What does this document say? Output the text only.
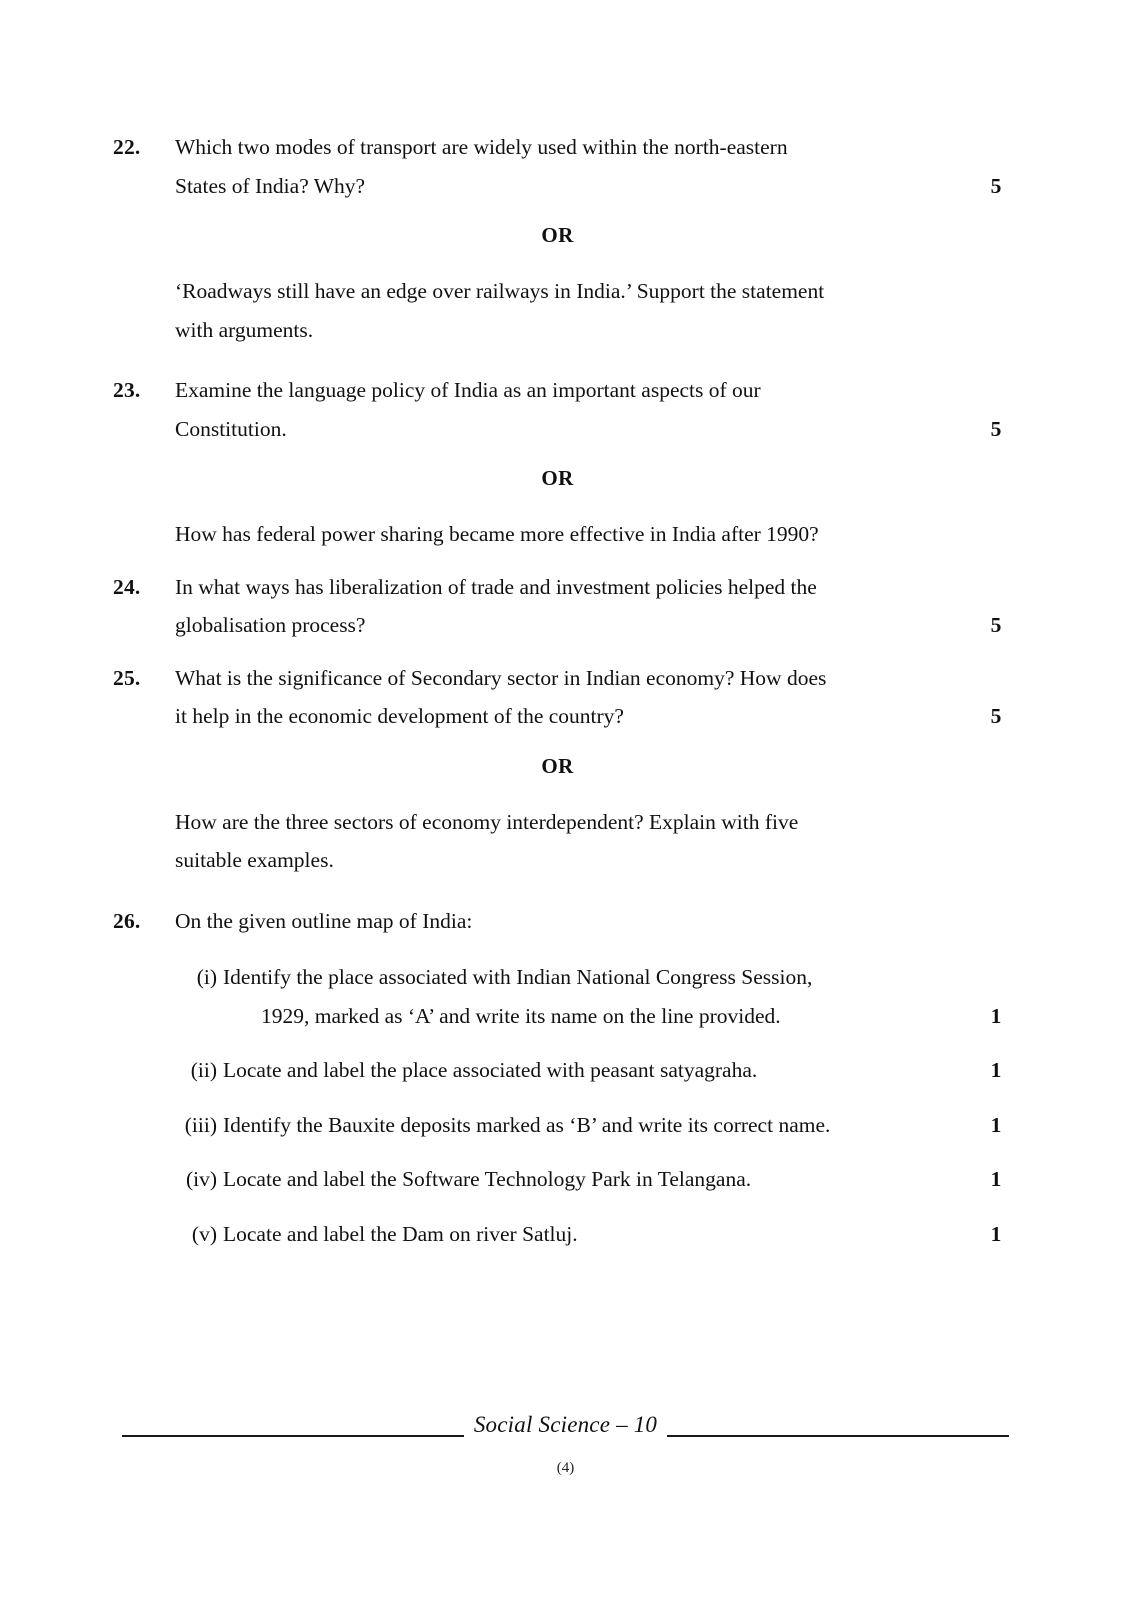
22.	Which two modes of transport are widely used within the north-eastern
States of India? Why?	5
OR
‘Roadways still have an edge over railways in India.’ Support the statement
with arguments.
23.	Examine the language policy of India as an important aspects of our
Constitution.	5
OR
How has federal power sharing became more effective in India after 1990?
24.	In what ways has liberalization of trade and investment policies helped the
globalisation process?	5
25.	What is the significance of Secondary sector in Indian economy? How does
it help in the economic development of the country?	5
OR
How are the three sectors of economy interdependent? Explain with five
suitable examples.
26.	On the given outline map of India:
(i) Identify the place associated with Indian National Congress Session,
1929, marked as ‘A’ and write its name on the line provided.	1
(ii) Locate and label the place associated with peasant satyagraha.	1
(iii) Identify the Bauxite deposits marked as ‘B’ and write its correct name.	1
(iv) Locate and label the Software Technology Park in Telangana.	1
(v) Locate and label the Dam on river Satluj.	1
Social Science – 10
(4)
